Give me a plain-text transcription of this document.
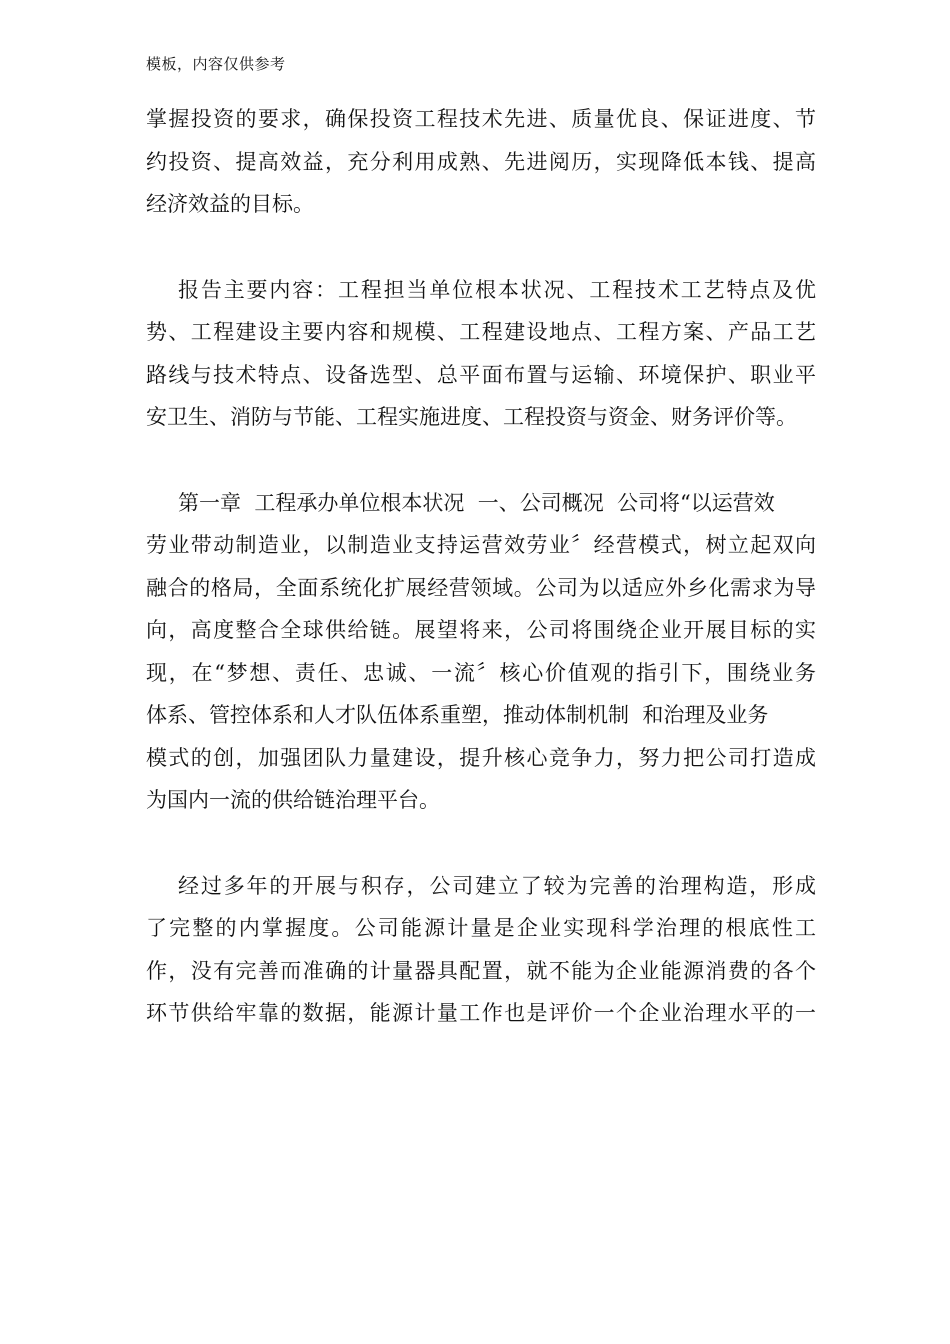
模板，内容仅供参考

掌握投资的要求，确保投资工程技术先进、质量优良、保证进度、节
约投资、提高效益，充分利用成熟、先进阅历，实现降低本钱、提高
经济效益的目标。

报告主要内容：工程担当单位根本状况、工程技术工艺特点及优
势、工程建设主要内容和规模、工程建设地点、工程方案、产品工艺
路线与技术特点、设备选型、总平面布置与运输、环境保护、职业平
安卫生、消防与节能、工程实施进度、工程投资与资金、财务评价等。

第一章  工程承办单位根本状况  一、公司概况  公司将“以运营效
劳业带动制造业，以制造业支持运营效劳业〞经营模式，树立起双向
融合的格局，全面系统化扩展经营领域。公司为以适应外乡化需求为导
向，高度整合全球供给链。展望将来，公司将围绕企业开展目标的实
现，在“梦想、责任、忠诚、一流〞核心价值观的指引下，围绕业务
体系、管控体系和人才队伍体系重塑，推动体制机制  和治理及业务
模式的创，加强团队力量建设，提升核心竞争力，努力把公司打造成
为国内一流的供给链治理平台。

经过多年的开展与积存，公司建立了较为完善的治理构造，形成
了完整的内掌握度。公司能源计量是企业实现科学治理的根底性工
作，没有完善而准确的计量器具配置，就不能为企业能源消费的各个
环节供给牢靠的数据，能源计量工作也是评价一个企业治理水平的一
